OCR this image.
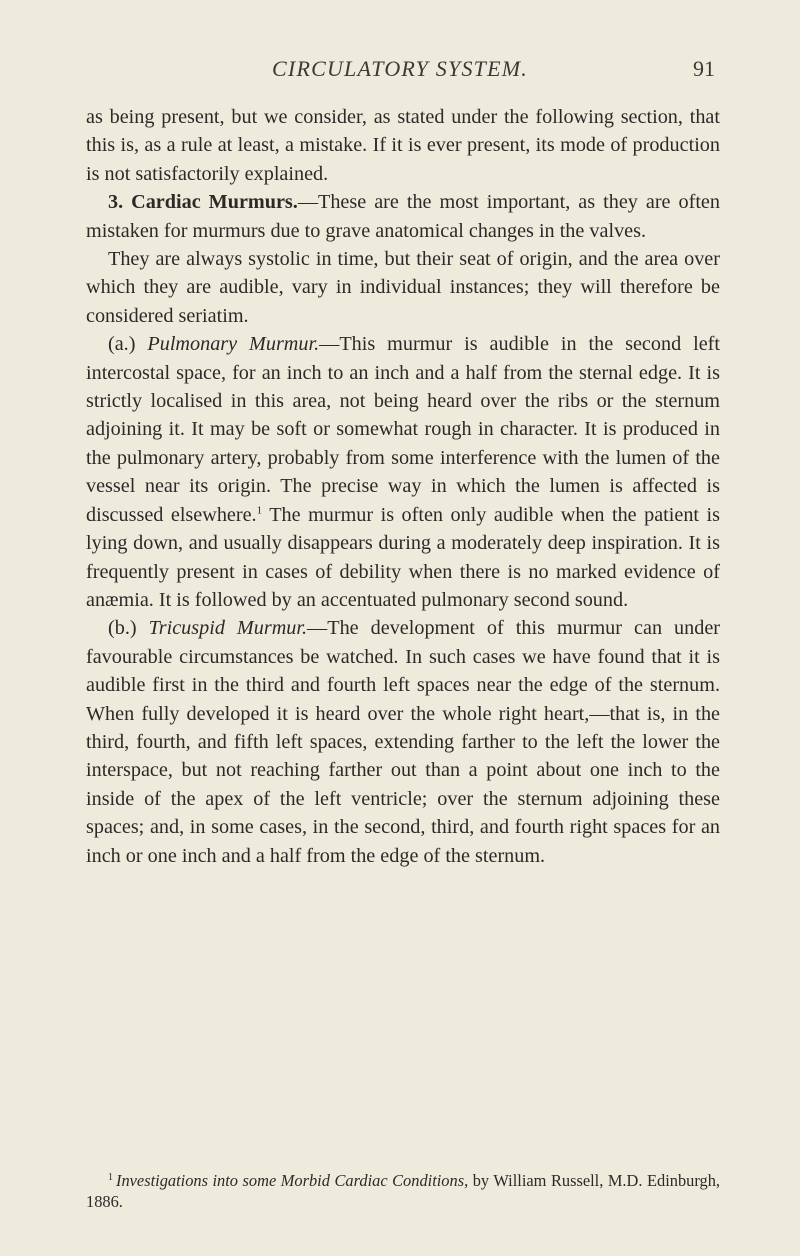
CIRCULATORY SYSTEM.	91

as being present, but we consider, as stated under the following section, that this is, as a rule at least, a mistake. If it is ever present, its mode of production is not satisfactorily explained.

3. Cardiac Murmurs.—These are the most important, as they are often mistaken for murmurs due to grave anatomical changes in the valves.

They are always systolic in time, but their seat of origin, and the area over which they are audible, vary in individual instances; they will therefore be considered seriatim.

(a.) Pulmonary Murmur.—This murmur is audible in the second left intercostal space, for an inch to an inch and a half from the sternal edge. It is strictly localised in this area, not being heard over the ribs or the sternum adjoining it. It may be soft or somewhat rough in character. It is produced in the pulmonary artery, probably from some interference with the lumen of the vessel near its origin. The precise way in which the lumen is affected is discussed elsewhere.$^1$ The murmur is often only audible when the patient is lying down, and usually disappears during a moderately deep inspiration. It is frequently present in cases of debility when there is no marked evidence of anæmia. It is followed by an accentuated pulmonary second sound.

(b.) Tricuspid Murmur.—The development of this murmur can under favourable circumstances be watched. In such cases we have found that it is audible first in the third and fourth left spaces near the edge of the sternum. When fully developed it is heard over the whole right heart,—that is, in the third, fourth, and fifth left spaces, extending farther to the left the lower the interspace, but not reaching farther out than a point about one inch to the inside of the apex of the left ventricle; over the sternum adjoining these spaces; and, in some cases, in the second, third, and fourth right spaces for an inch or one inch and a half from the edge of the sternum.

$^1$ Investigations into some Morbid Cardiac Conditions, by William Russell, M.D. Edinburgh, 1886.
